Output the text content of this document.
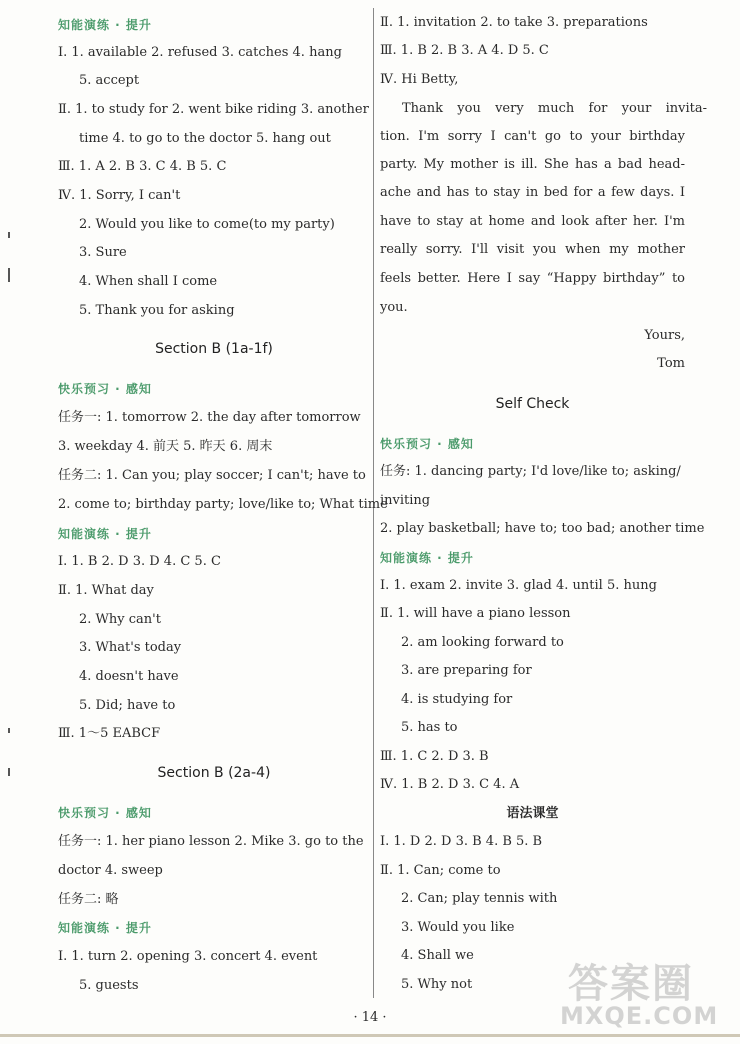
知能演练 · 提升
Ⅰ. 1. available 2. refused 3. catches 4. hang
5. accept
Ⅱ. 1. to study for 2. went bike riding 3. another
time 4. to go to the doctor 5. hang out
Ⅲ. 1. A 2. B 3. C 4. B 5. C
Ⅳ. 1. Sorry, I can't
2. Would you like to come(to my party)
3. Sure
4. When shall I come
5. Thank you for asking
Section B (1a-1f)
快乐预习 · 感知
任务一: 1. tomorrow 2. the day after tomorrow
3. weekday 4. 前天 5. 昨天 6. 周末
任务二: 1. Can you; play soccer; I can't; have to
2. come to; birthday party; love/like to; What time
知能演练 · 提升
Ⅰ. 1. B 2. D 3. D 4. C 5. C
Ⅱ. 1. What day
2. Why can't
3. What's today
4. doesn't have
5. Did; have to
Ⅲ. 1～5 EABCF
Section B (2a-4)
快乐预习 · 感知
任务一: 1. her piano lesson 2. Mike 3. go to the
doctor 4. sweep
任务二: 略
知能演练 · 提升
Ⅰ. 1. turn 2. opening 3. concert 4. event
5. guests
Ⅱ. 1. invitation 2. to take 3. preparations
Ⅲ. 1. B 2. B 3. A 4. D 5. C
Ⅳ. Hi Betty,
Thank you very much for your invita-
tion. I'm sorry I can't go to your birthday
party. My mother is ill. She has a bad head-
ache and has to stay in bed for a few days. I
have to stay at home and look after her. I'm
really sorry. I'll visit you when my mother
feels better. Here I say “Happy birthday” to
you.
Yours,
Tom
Self Check
快乐预习 · 感知
任务: 1. dancing party; I'd love/like to; asking/
inviting
2. play basketball; have to; too bad; another time
知能演练 · 提升
Ⅰ. 1. exam 2. invite 3. glad 4. until 5. hung
Ⅱ. 1. will have a piano lesson
2. am looking forward to
3. are preparing for
4. is studying for
5. has to
Ⅲ. 1. C 2. D 3. B
Ⅳ. 1. B 2. D 3. C 4. A
语法课堂
Ⅰ. 1. D 2. D 3. B 4. B 5. B
Ⅱ. 1. Can; come to
2. Can; play tennis with
3. Would you like
4. Shall we
5. Why not
· 14 ·
答案圈
MXQE.COM
